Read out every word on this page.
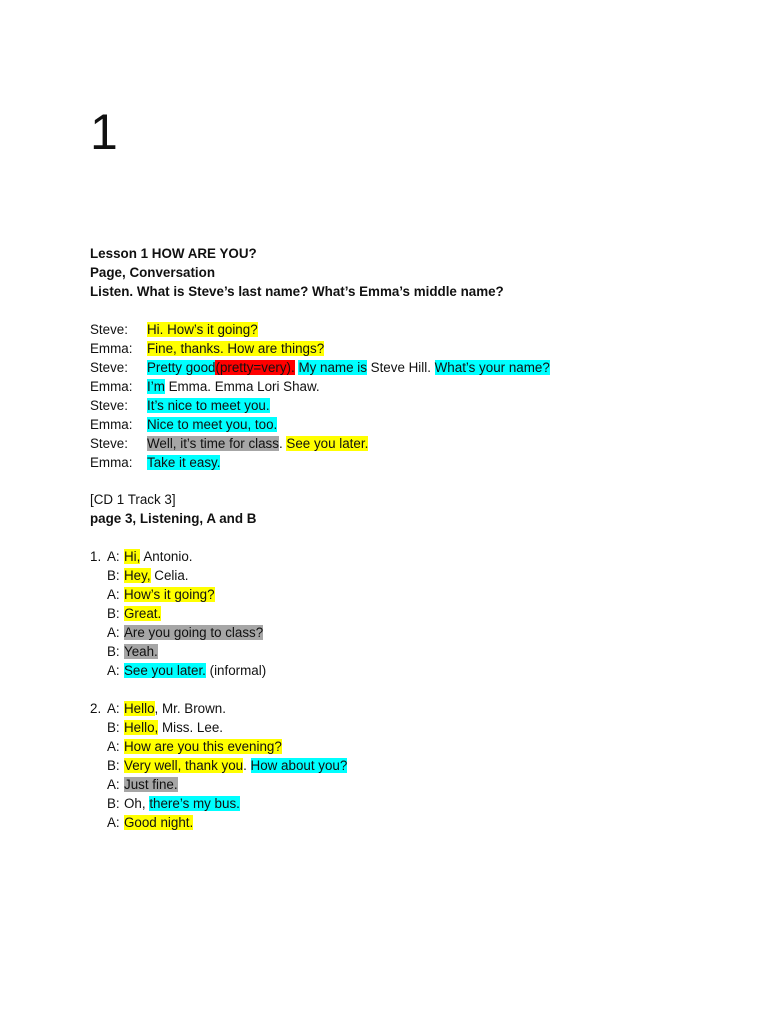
1
Lesson 1 HOW ARE YOU?
Page, Conversation
Listen. What is Steve’s last name? What’s Emma’s middle name?
Steve: Hi. How’s it going?
Emma: Fine, thanks. How are things?
Steve: Pretty good(pretty=very). My name is Steve Hill. What’s your name?
Emma: I’m Emma. Emma Lori Shaw.
Steve: It’s nice to meet you.
Emma: Nice to meet you, too.
Steve: Well, it’s time for class. See you later.
Emma: Take it easy.
[CD 1 Track 3]
page 3, Listening, A and B
1. A: Hi, Antonio.
B: Hey, Celia.
A: How’s it going?
B: Great.
A: Are you going to class?
B: Yeah.
A: See you later. (informal)
2. A: Hello, Mr. Brown.
B: Hello, Miss. Lee.
A: How are you this evening?
B: Very well, thank you. How about you?
A: Just fine.
B: Oh, there’s my bus.
A: Good night.
